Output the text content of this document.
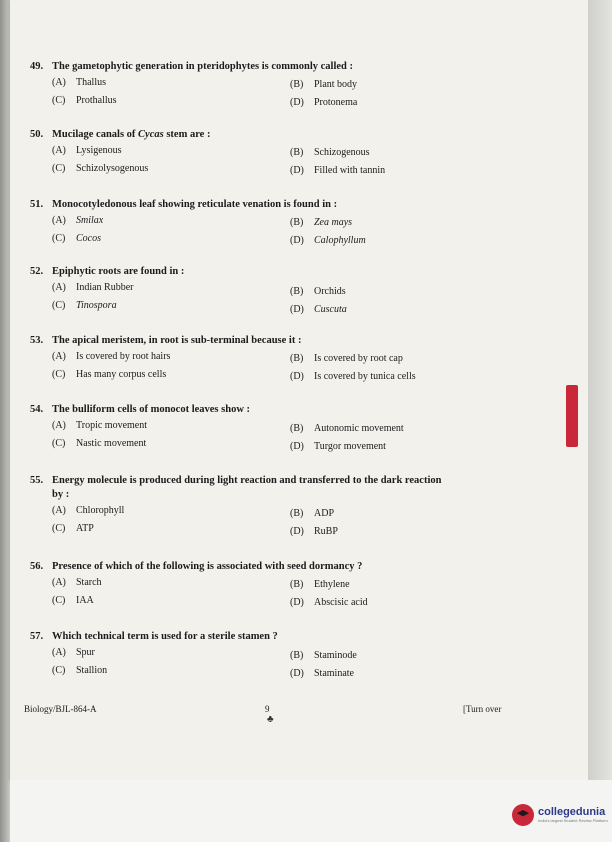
49. The gametophytic generation in pteridophytes is commonly called :
(A) Thallus	(B) Plant body
(C) Prothallus	(D) Protonema
50. Mucilage canals of Cycas stem are :
(A) Lysigenous	(B) Schizogenous
(C) Schizolysogenous	(D) Filled with tannin
51. Monocotyledonous leaf showing reticulate venation is found in :
(A) Smilax	(B) Zea mays
(C) Cocos	(D) Calophyllum
52. Epiphytic roots are found in :
(A) Indian Rubber	(B) Orchids
(C) Tinospora	(D) Cuscuta
53. The apical meristem, in root is sub-terminal because it :
(A) Is covered by root hairs	(B) Is covered by root cap
(C) Has many corpus cells	(D) Is covered by tunica cells
54. The bulliform cells of monocot leaves show :
(A) Tropic movement	(B) Autonomic movement
(C) Nastic movement	(D) Turgor movement
55. Energy molecule is produced during light reaction and transferred to the dark reaction
by :
(A) Chlorophyll	(B) ADP
(C) ATP	(D) RuBP
56. Presence of which of the following is associated with seed dormancy ?
(A) Starch	(B) Ethylene
(C) IAA	(D) Abscisic acid
57. Which technical term is used for a sterile stamen ?
(A) Spur	(B) Staminode
(C) Stallion	(D) Staminate
Biology/BJL-864-A	9
♣
[Turn over
collegedunia
India's largest Student Review Platform
